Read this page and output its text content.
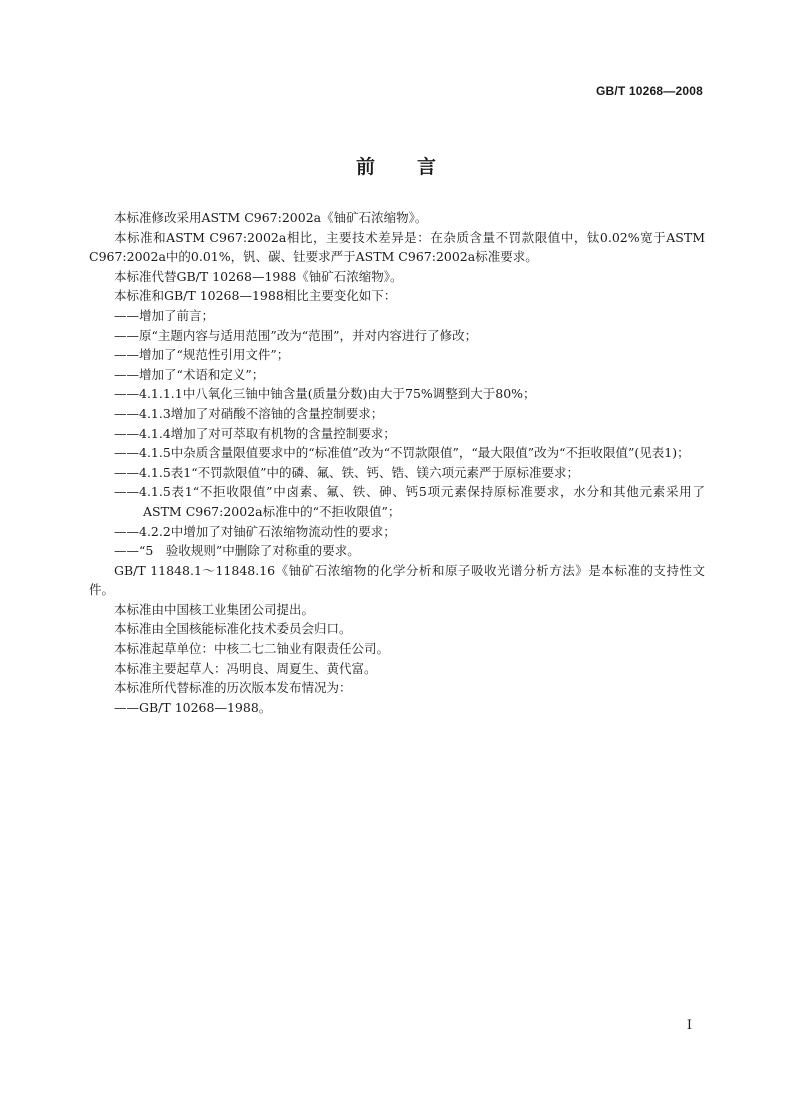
GB/T 10268—2008
前言

本标准修改采用ASTM C967:2002a《铀矿石浓缩物》。

本标准和ASTM C967:2002a相比，主要技术差异是：在杂质含量不罚款限值中，钛0.02%宽于ASTM C967:2002a中的0.01%，钒、碳、钍要求严于ASTM C967:2002a标准要求。

本标准代替GB/T 10268—1988《铀矿石浓缩物》。

本标准和GB/T 10268—1988相比主要变化如下：

——增加了前言；

——原“主题内容与适用范围”改为“范围”，并对内容进行了修改；

——增加了“规范性引用文件”；

——增加了“术语和定义”；

——4.1.1.1中八氧化三铀中铀含量(质量分数)由大于75%调整到大于80%；

——4.1.3增加了对硝酸不溶铀的含量控制要求；

——4.1.4增加了对可萃取有机物的含量控制要求；

——4.1.5中杂质含量限值要求中的“标准值”改为“不罚款限值”，“最大限值”改为“不拒收限值”(见表1)；

——4.1.5表1“不罚款限值”中的磷、氟、铁、钙、锆、镁六项元素严于原标准要求；

——4.1.5表1“不拒收限值”中卤素、氟、铁、砷、钙5项元素保持原标准要求，水分和其他元素采用了ASTM C967:2002a标准中的“不拒收限值”；

——4.2.2中增加了对铀矿石浓缩物流动性的要求；

——“5　验收规则”中删除了对称重的要求。

GB/T 11848.1～11848.16《铀矿石浓缩物的化学分析和原子吸收光谱分析方法》是本标准的支持性文件。

本标准由中国核工业集团公司提出。

本标准由全国核能标准化技术委员会归口。

本标准起草单位：中核二七二铀业有限责任公司。

本标准主要起草人：冯明良、周夏生、黄代富。

本标准所代替标准的历次版本发布情况为：

——GB/T 10268—1988。

I
